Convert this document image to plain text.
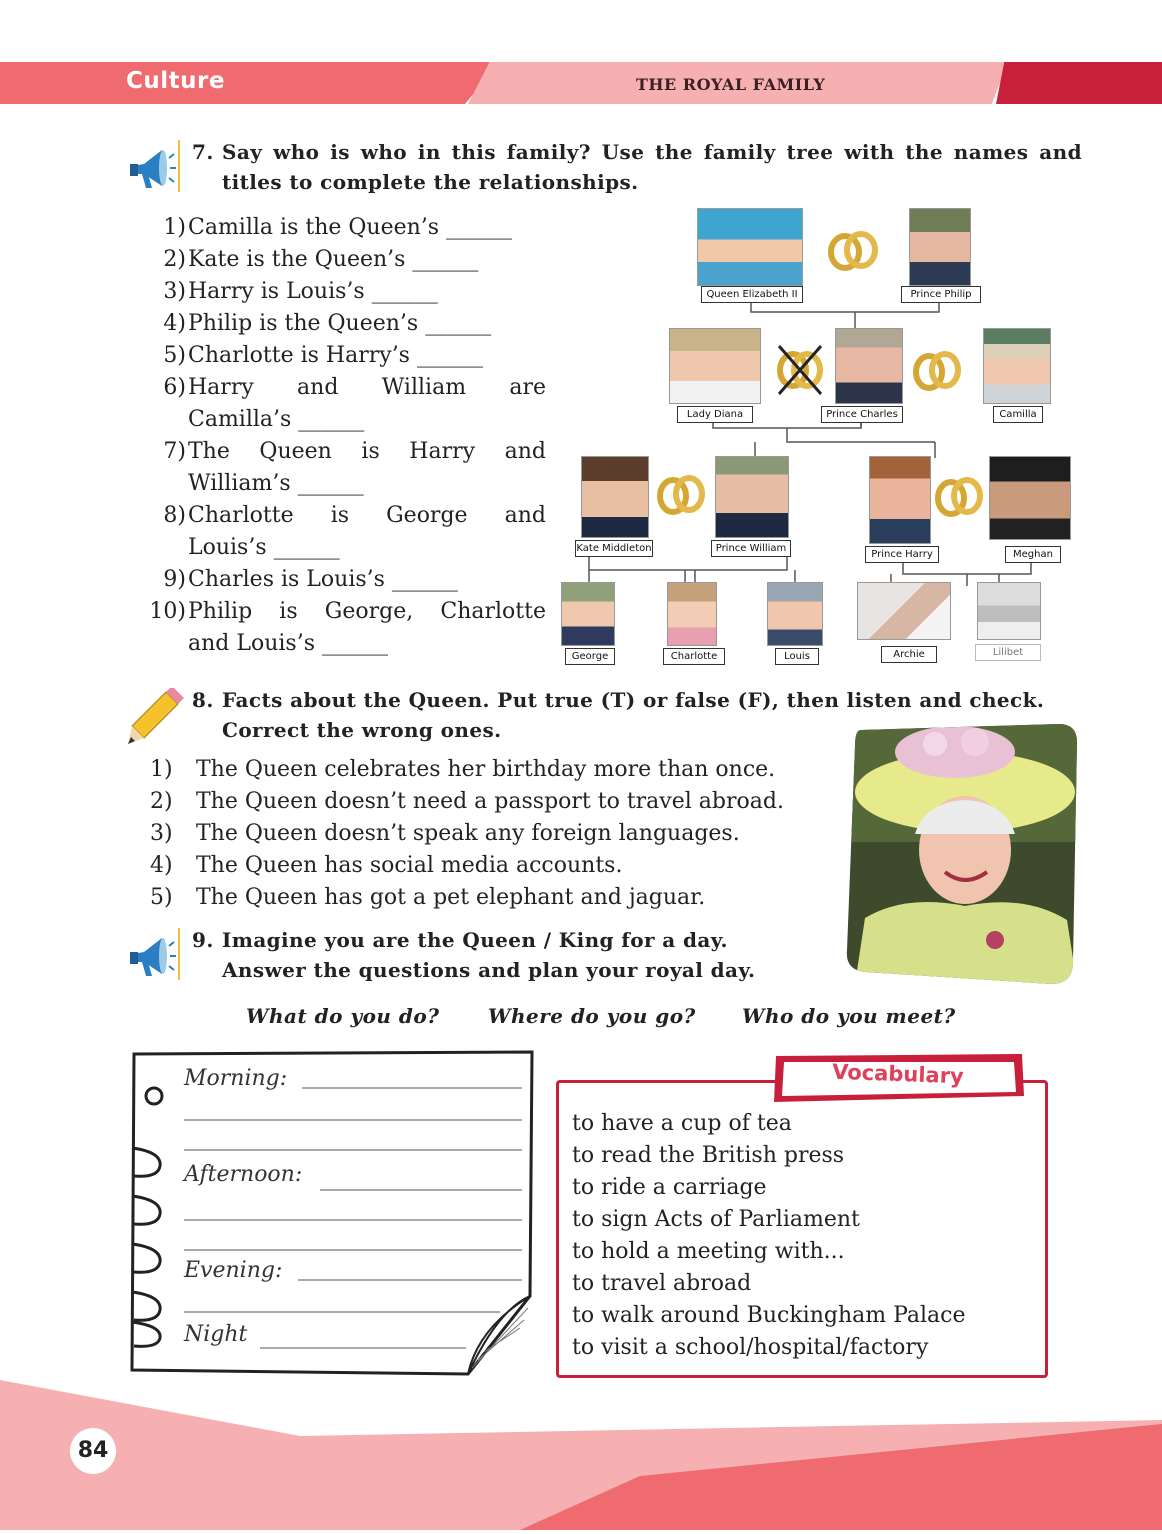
Culture	THE ROYAL FAMILY
7. Say who is who in this family? Use the family tree with the names and
titles to complete the relationships.
1) Camilla is the Queen’s ______
2) Kate is the Queen’s ______
3) Harry is Louis’s ______
4) Philip is the Queen’s ______
5) Charlotte is Harry’s ______
6) Harry and William are
Camilla’s ______
7) The Queen is Harry and
William’s ______
8) Charlotte is George and
Louis’s ______
9) Charles is Louis’s ______
10) Philip is George, Charlotte
and Louis’s ______
Queen Elizabeth II	Prince Philip
Lady Diana	Prince Charles	Camilla
Kate Middleton	Prince William
Prince Harry	Meghan
George	Charlotte	Louis	Archie	Lilibet
8. Facts about the Queen. Put true (T) or false (F), then listen and check.
Correct the wrong ones.
1)	The Queen celebrates her birthday more than once.
2)	The Queen doesn’t need a passport to travel abroad.
3)	The Queen doesn’t speak any foreign languages.
4)	The Queen has social media accounts.
5)	The Queen has got a pet elephant and jaguar.
9. Imagine you are the Queen / King for a day.
Answer the questions and plan your royal day.
What do you do? Where do you go? Who do you meet?
Morning:
Afternoon:
Evening:
Night
Vocabulary
to have a cup of tea
to read the British press
to ride a carriage
to sign Acts of Parliament
to hold a meeting with...
to travel abroad
to walk around Buckingham Palace
to visit a school/hospital/factory
84
